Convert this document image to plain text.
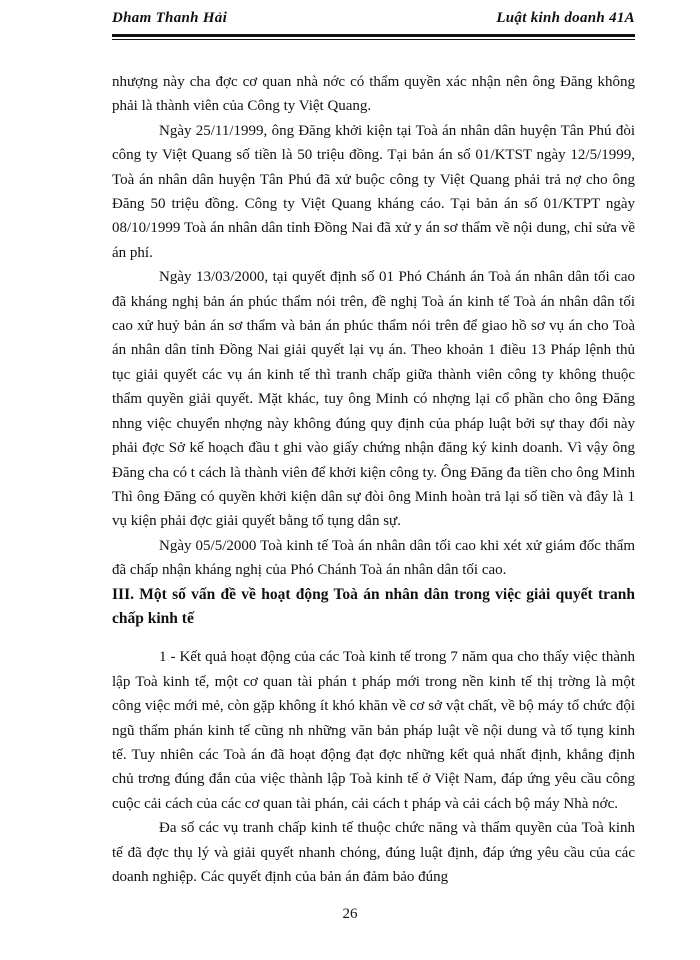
Dham Thanh Hải	Luật kinh doanh 41A

nhượng này cha đợc cơ quan nhà nớc có thẩm quyền xác nhận nên ông Đăng không phải là thành viên của Công ty Việt Quang.

Ngày 25/11/1999, ông Đăng khởi kiện tại Toà án nhân dân huyện Tân Phú đòi công ty Việt Quang số tiền là 50 triệu đồng. Tại bản án số 01/KTST ngày 12/5/1999, Toà án nhân dân huyện Tân Phú đã xử buộc công ty Việt Quang phải trả nợ cho ông Đăng 50 triệu đồng. Công ty Việt Quang kháng cáo. Tại bản án số 01/KTPT ngày 08/10/1999 Toà án nhân dân tỉnh Đồng Nai đã xử y án sơ thẩm về nội dung, chỉ sửa về án phí.

Ngày 13/03/2000, tại quyết định số 01 Phó Chánh án Toà án nhân dân tối cao đã kháng nghị bản án phúc thẩm nói trên, đề nghị Toà án kinh tế Toà án nhân dân tối cao xử huỷ bản án sơ thẩm và bản án phúc thẩm nói trên để giao hồ sơ vụ án cho Toà án nhân dân tỉnh Đồng Nai giải quyết lại vụ án. Theo khoản 1 điều 13 Pháp lệnh thủ tục giải quyết các vụ án kinh tế thì tranh chấp giữa thành viên công ty không thuộc thẩm quyền giải quyết. Mặt khác, tuy ông Minh có nhợng lại cổ phần cho ông Đăng nhng việc chuyển nhợng này không đúng quy định của pháp luật bởi sự thay đổi này phải đợc Sở kế hoạch đầu t ghi vào giấy chứng nhận đăng ký kinh doanh. Vì vậy ông Đăng cha có t cách là thành viên để khởi kiện công ty. Ông Đăng đa tiền cho ông Minh Thì ông Đăng có quyền khởi kiện dân sự đòi ông Minh hoàn trả lại số tiền và đây là 1 vụ kiện phải đợc giải quyết bằng tố tụng dân sự.

Ngày 05/5/2000 Toà kinh tế Toà án nhân dân tối cao khi xét xử giám đốc thẩm đã chấp nhận kháng nghị của Phó Chánh Toà án nhân dân tối cao.

III. Một số vấn đề về hoạt động Toà án nhân dân trong việc giải quyết tranh chấp kinh tế

1 - Kết quả hoạt động của các Toà kinh tế trong 7 năm qua cho thấy việc thành lập Toà kinh tế, một cơ quan tài phán t pháp mới trong nền kinh tế thị trờng là một công việc mới mẻ, còn gặp không ít khó khăn về cơ sở vật chất, về bộ máy tổ chức đội ngũ thẩm phán kinh tế cũng nh những văn bản pháp luật về nội dung và tố tụng kinh tế. Tuy nhiên các Toà án đã hoạt động đạt đợc những kết quả nhất định, khẳng định chủ trơng đúng đắn của việc thành lập Toà kinh tế ở Việt Nam, đáp ứng yêu cầu công cuộc cải cách của các cơ quan tài phán, cải cách t pháp và cải cách bộ máy Nhà nớc.

Đa số các vụ tranh chấp kinh tế thuộc chức năng và thẩm quyền của Toà kinh tế đã đợc thụ lý và giải quyết nhanh chóng, đúng luật định, đáp ứng yêu cầu của các doanh nghiệp. Các quyết định của bản án đảm bảo đúng

26
